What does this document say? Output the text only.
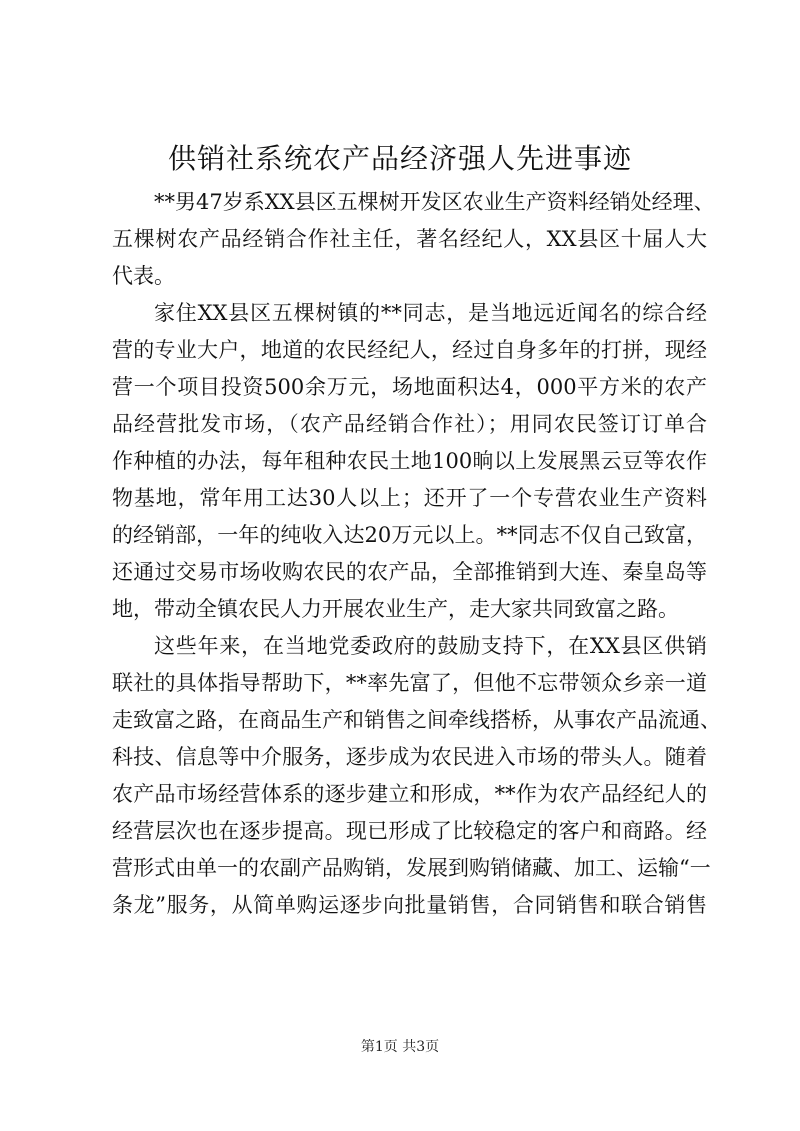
供销社系统农产品经济强人先进事迹
**男47岁系XX县区五棵树开发区农业生产资料经销处经理、
五棵树农产品经销合作社主任，著名经纪人，XX县区十届人大
代表。
家住XX县区五棵树镇的**同志，是当地远近闻名的综合经
营的专业大户，地道的农民经纪人，经过自身多年的打拼，现经
营一个项目投资500余万元，场地面积达4，000平方米的农产
品经营批发市场，（农产品经销合作社）；用同农民签订订单合
作种植的办法，每年租种农民土地100晌以上发展黑云豆等农作
物基地，常年用工达30人以上；还开了一个专营农业生产资料
的经销部，一年的纯收入达20万元以上。**同志不仅自己致富，
还通过交易市场收购农民的农产品，全部推销到大连、秦皇岛等
地，带动全镇农民人力开展农业生产，走大家共同致富之路。
这些年来，在当地党委政府的鼓励支持下，在XX县区供销
联社的具体指导帮助下，**率先富了，但他不忘带领众乡亲一道
走致富之路，在商品生产和销售之间牵线搭桥，从事农产品流通、
科技、信息等中介服务，逐步成为农民进入市场的带头人。随着
农产品市场经营体系的逐步建立和形成，**作为农产品经纪人的
经营层次也在逐步提高。现已形成了比较稳定的客户和商路。经
营形式由单一的农副产品购销，发展到购销储藏、加工、运输“一
条龙”服务，从简单购运逐步向批量销售，合同销售和联合销售
第1页 共3页
